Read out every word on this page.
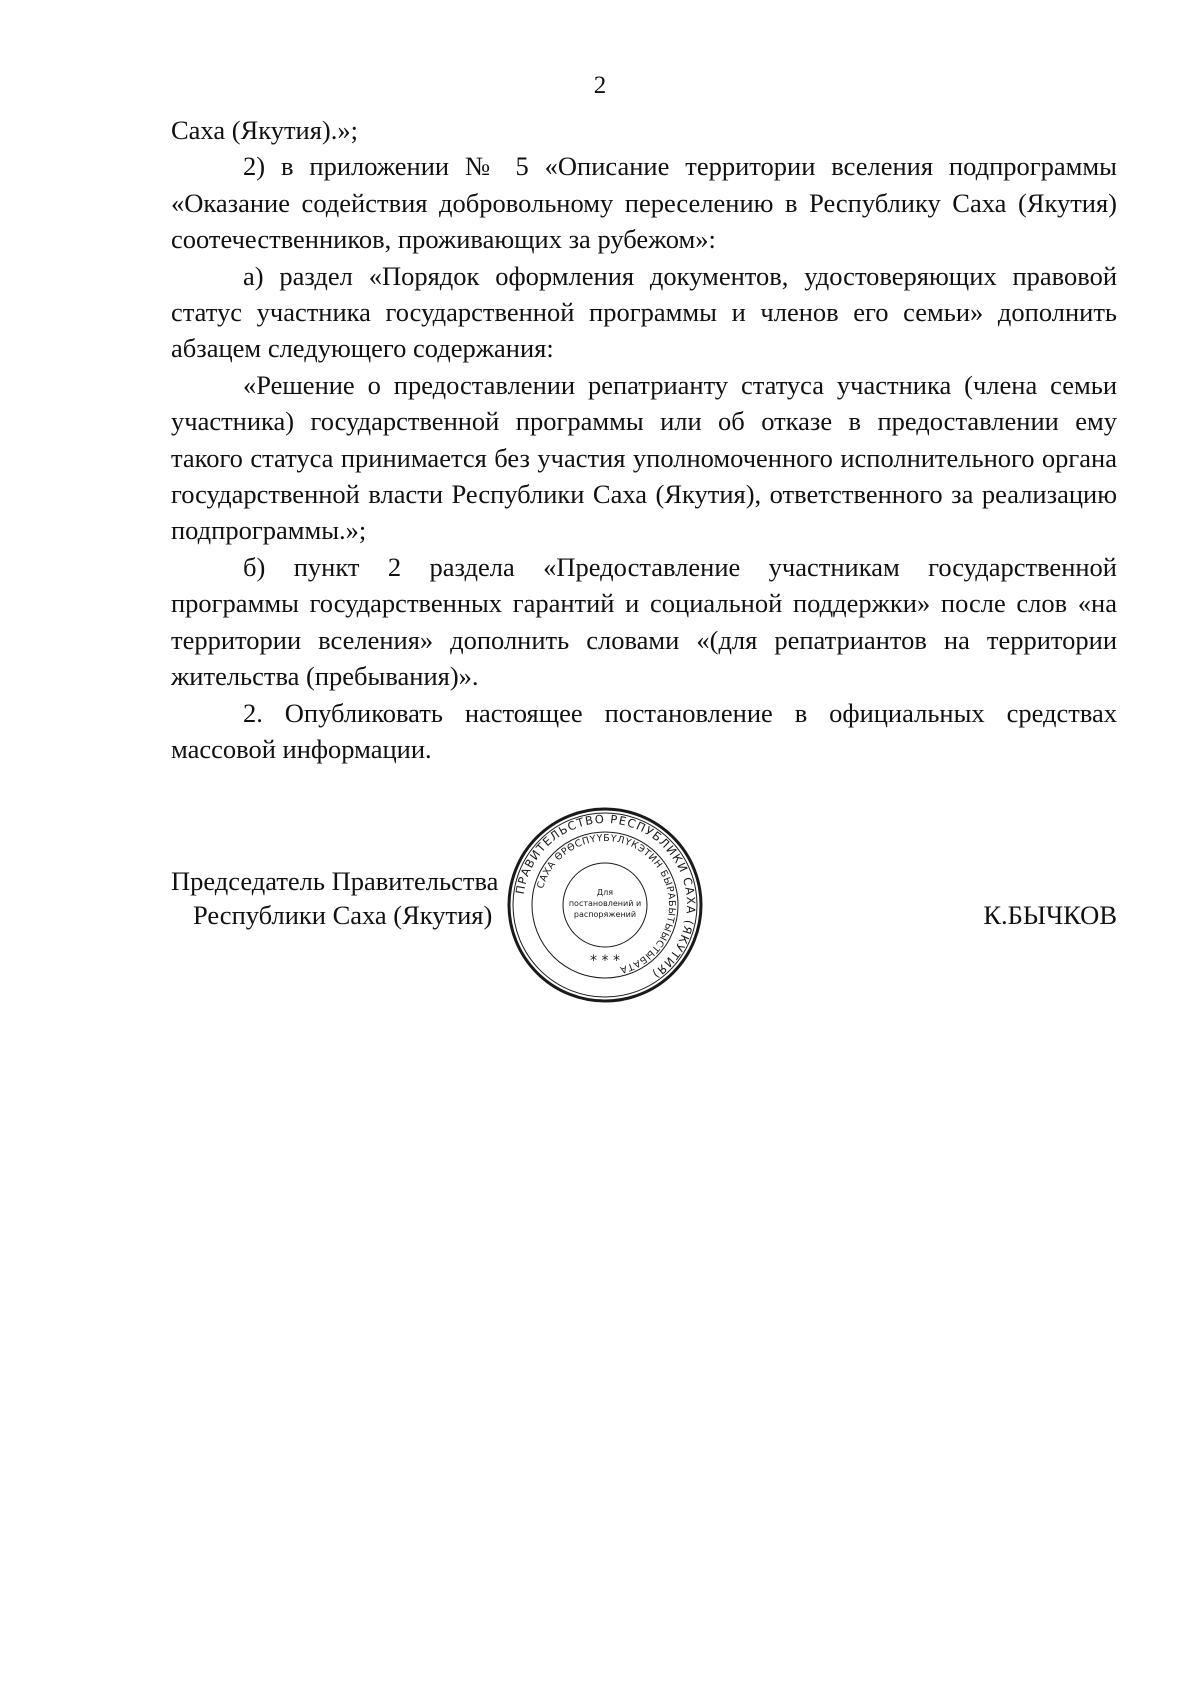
2

Саха (Якутия).»;

2) в приложении № 5 «Описание территории вселения подпрограммы «Оказание содействия добровольному переселению в Республику Саха (Якутия) соотечественников, проживающих за рубежом»:

а) раздел «Порядок оформления документов, удостоверяющих правовой статус участника государственной программы и членов его семьи» дополнить абзацем следующего содержания:

«Решение о предоставлении репатрианту статуса участника (члена семьи участника) государственной программы или об отказе в предоставлении ему такого статуса принимается без участия уполномоченного исполнительного органа государственной власти Республики Саха (Якутия), ответственного за реализацию подпрограммы.»;

б) пункт 2 раздела «Предоставление участникам государственной программы государственных гарантий и социальной поддержки» после слов «на территории вселения» дополнить словами «(для репатриантов на территории жительства (пребывания)».

2. Опубликовать настоящее постановление в официальных средствах массовой информации.

Председатель Правительства
Республики Саха (Якутия)	К.БЫЧКОВ
ПРАВИТЕЛЬСТВО РЕСПУБЛИКИ САХА (ЯКУТИЯ)
САХА ӨРӨСПҮҮБҮЛҮКЭТИН БЫРАБЫТЫЫСТЫБАТА
Для
постановлений и
распоряжений
* * *
